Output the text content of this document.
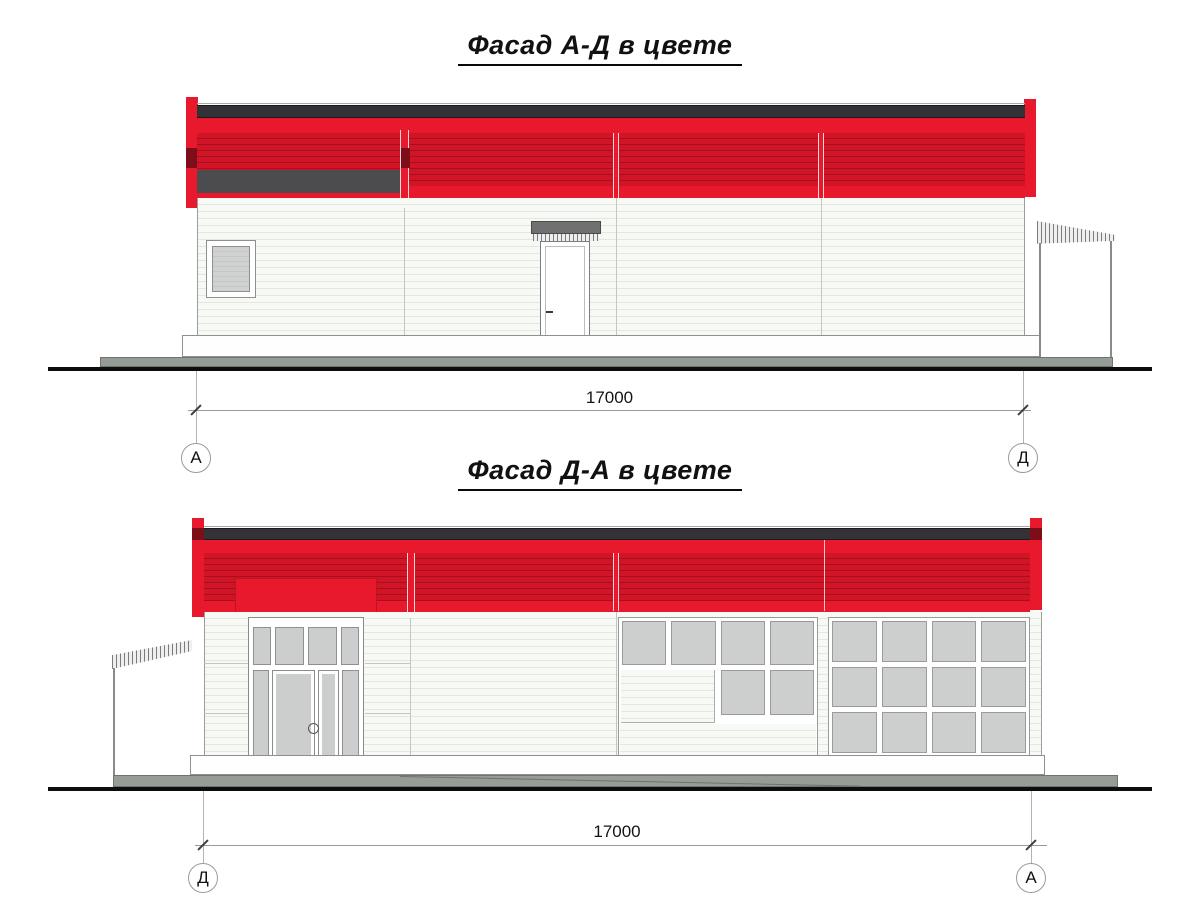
Фасад А-Д в цвете
17000
А	Д
Фасад Д-А в цвете
17000
Д	А
